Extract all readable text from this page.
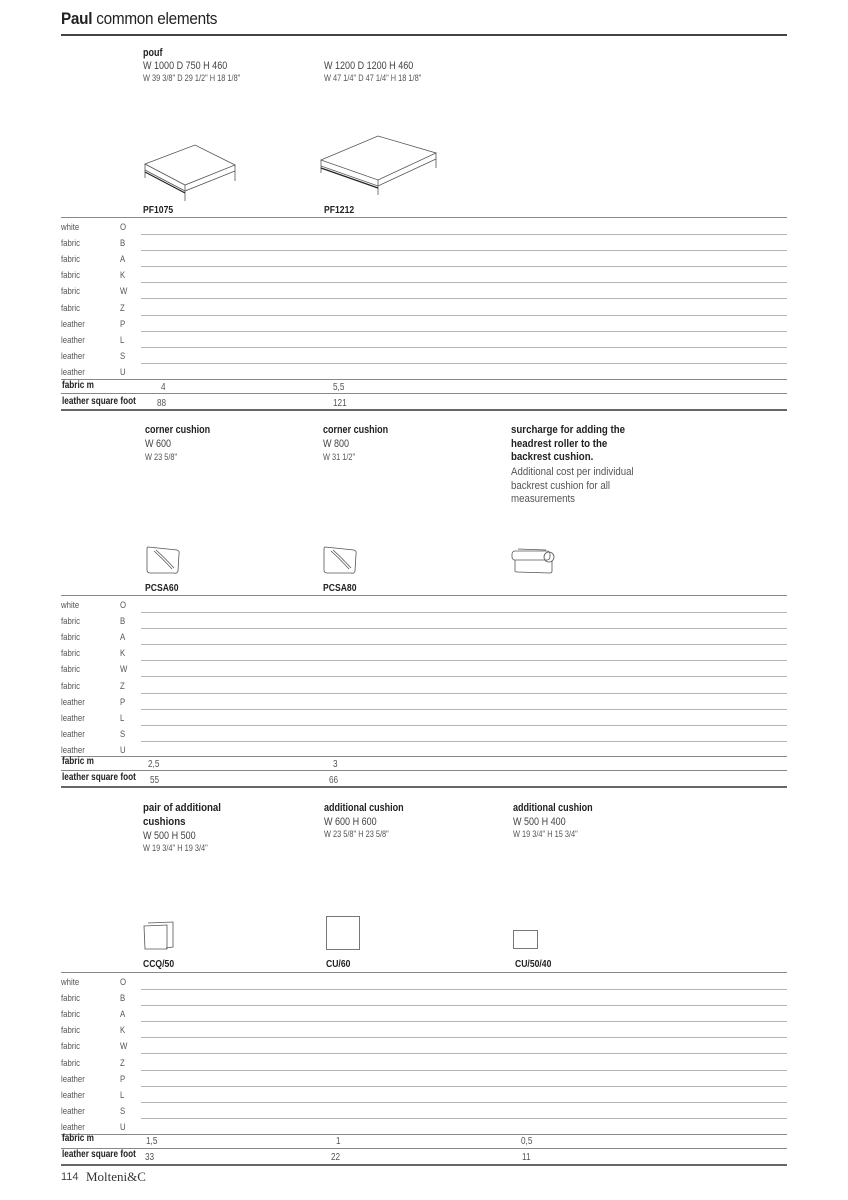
Paul common elements
pouf
W 1000 D 750 H 460
W 39 3/8" D 29 1/2" H 18 1/8"
W 1200 D 1200 H 460
W 47 1/4" D 47 1/4" H 18 1/8"
PF1075	PF1212
white	O
fabric	B
fabric	A
fabric	K
fabric	W
fabric	Z
leather	P
leather	L
leather	S
leather	U
fabric m	4	5,5
leather square foot 88	121
corner cushion
W 600
W 23 5/8"
corner cushion
W 800
W 31 1/2"
surcharge for adding the headrest roller to the backrest cushion.
Additional cost per individual backrest cushion for all measurements
PCSA60	PCSA80
white	O
fabric	B
fabric	A
fabric	K
fabric	W
fabric	Z
leather	P
leather	L
leather	S
leather	U
fabric m	2,5	3
leather square foot 55	66
pair of additional cushions
W 500 H 500
W 19 3/4" H 19 3/4"
additional cushion
W 600 H 600
W 23 5/8" H 23 5/8"
additional cushion
W 500 H 400
W 19 3/4" H 15 3/4"
CCQ/50	CU/60	CU/50/40
white	O
fabric	B
fabric	A
fabric	K
fabric	W
fabric	Z
leather	P
leather	L
leather	S
leather	U
fabric m	1,5	1	0,5
leather square foot 33	22	11
114 Molteni&C
